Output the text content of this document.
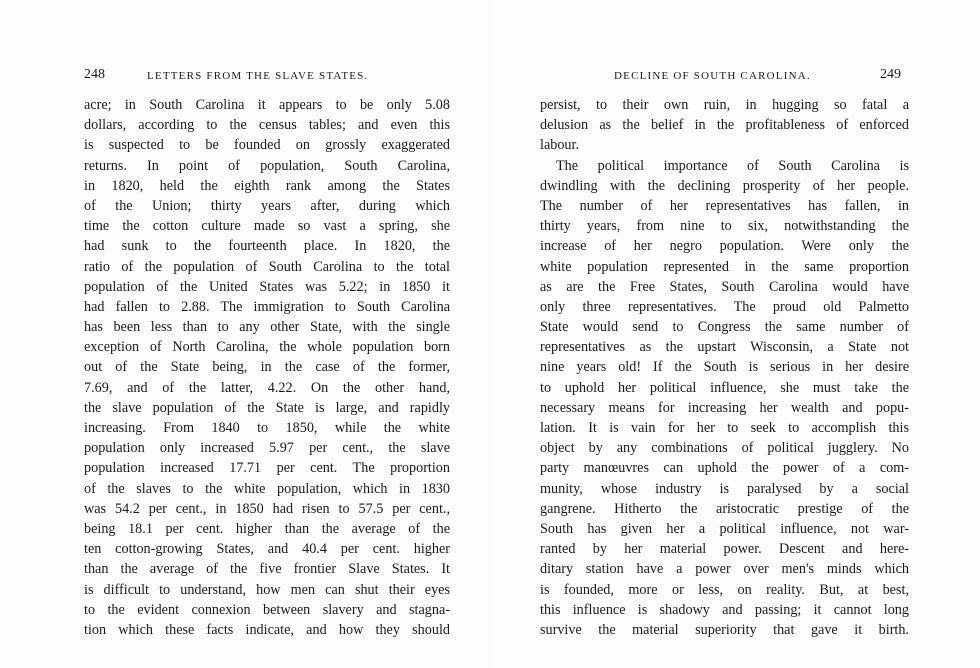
248	LETTERS FROM THE SLAVE STATES.
acre; in South Carolina it appears to be only 5.08
dollars, according to the census tables; and even this
is suspected to be founded on grossly exaggerated
returns. In point of population, South Carolina,
in 1820, held the eighth rank among the States
of the Union; thirty years after, during which
time the cotton culture made so vast a spring, she
had sunk to the fourteenth place. In 1820, the
ratio of the population of South Carolina to the total
population of the United States was 5.22; in 1850 it
had fallen to 2.88. The immigration to South Carolina
has been less than to any other State, with the single
exception of North Carolina, the whole population born
out of the State being, in the case of the former,
7.69, and of the latter, 4.22. On the other hand,
the slave population of the State is large, and rapidly
increasing. From 1840 to 1850, while the white
population only increased 5.97 per cent., the slave
population increased 17.71 per cent. The proportion
of the slaves to the white population, which in 1830
was 54.2 per cent., in 1850 had risen to 57.5 per cent.,
being 18.1 per cent. higher than the average of the
ten cotton-growing States, and 40.4 per cent. higher
than the average of the five frontier Slave States. It
is difficult to understand, how men can shut their eyes
to the evident connexion between slavery and stagna-
tion which these facts indicate, and how they should
DECLINE OF SOUTH CAROLINA.	249
persist, to their own ruin, in hugging so fatal a
delusion as the belief in the profitableness of enforced
labour.
The political importance of South Carolina is
dwindling with the declining prosperity of her people.
The number of her representatives has fallen, in
thirty years, from nine to six, notwithstanding the
increase of her negro population. Were only the
white population represented in the same proportion
as are the Free States, South Carolina would have
only three representatives. The proud old Palmetto
State would send to Congress the same number of
representatives as the upstart Wisconsin, a State not
nine years old! If the South is serious in her desire
to uphold her political influence, she must take the
necessary means for increasing her wealth and popu-
lation. It is vain for her to seek to accomplish this
object by any combinations of political jugglery. No
party manœuvres can uphold the power of a com-
munity, whose industry is paralysed by a social
gangrene. Hitherto the aristocratic prestige of the
South has given her a political influence, not war-
ranted by her material power. Descent and here-
ditary station have a power over men's minds which
is founded, more or less, on reality. But, at best,
this influence is shadowy and passing; it cannot long
survive the material superiority that gave it birth.
